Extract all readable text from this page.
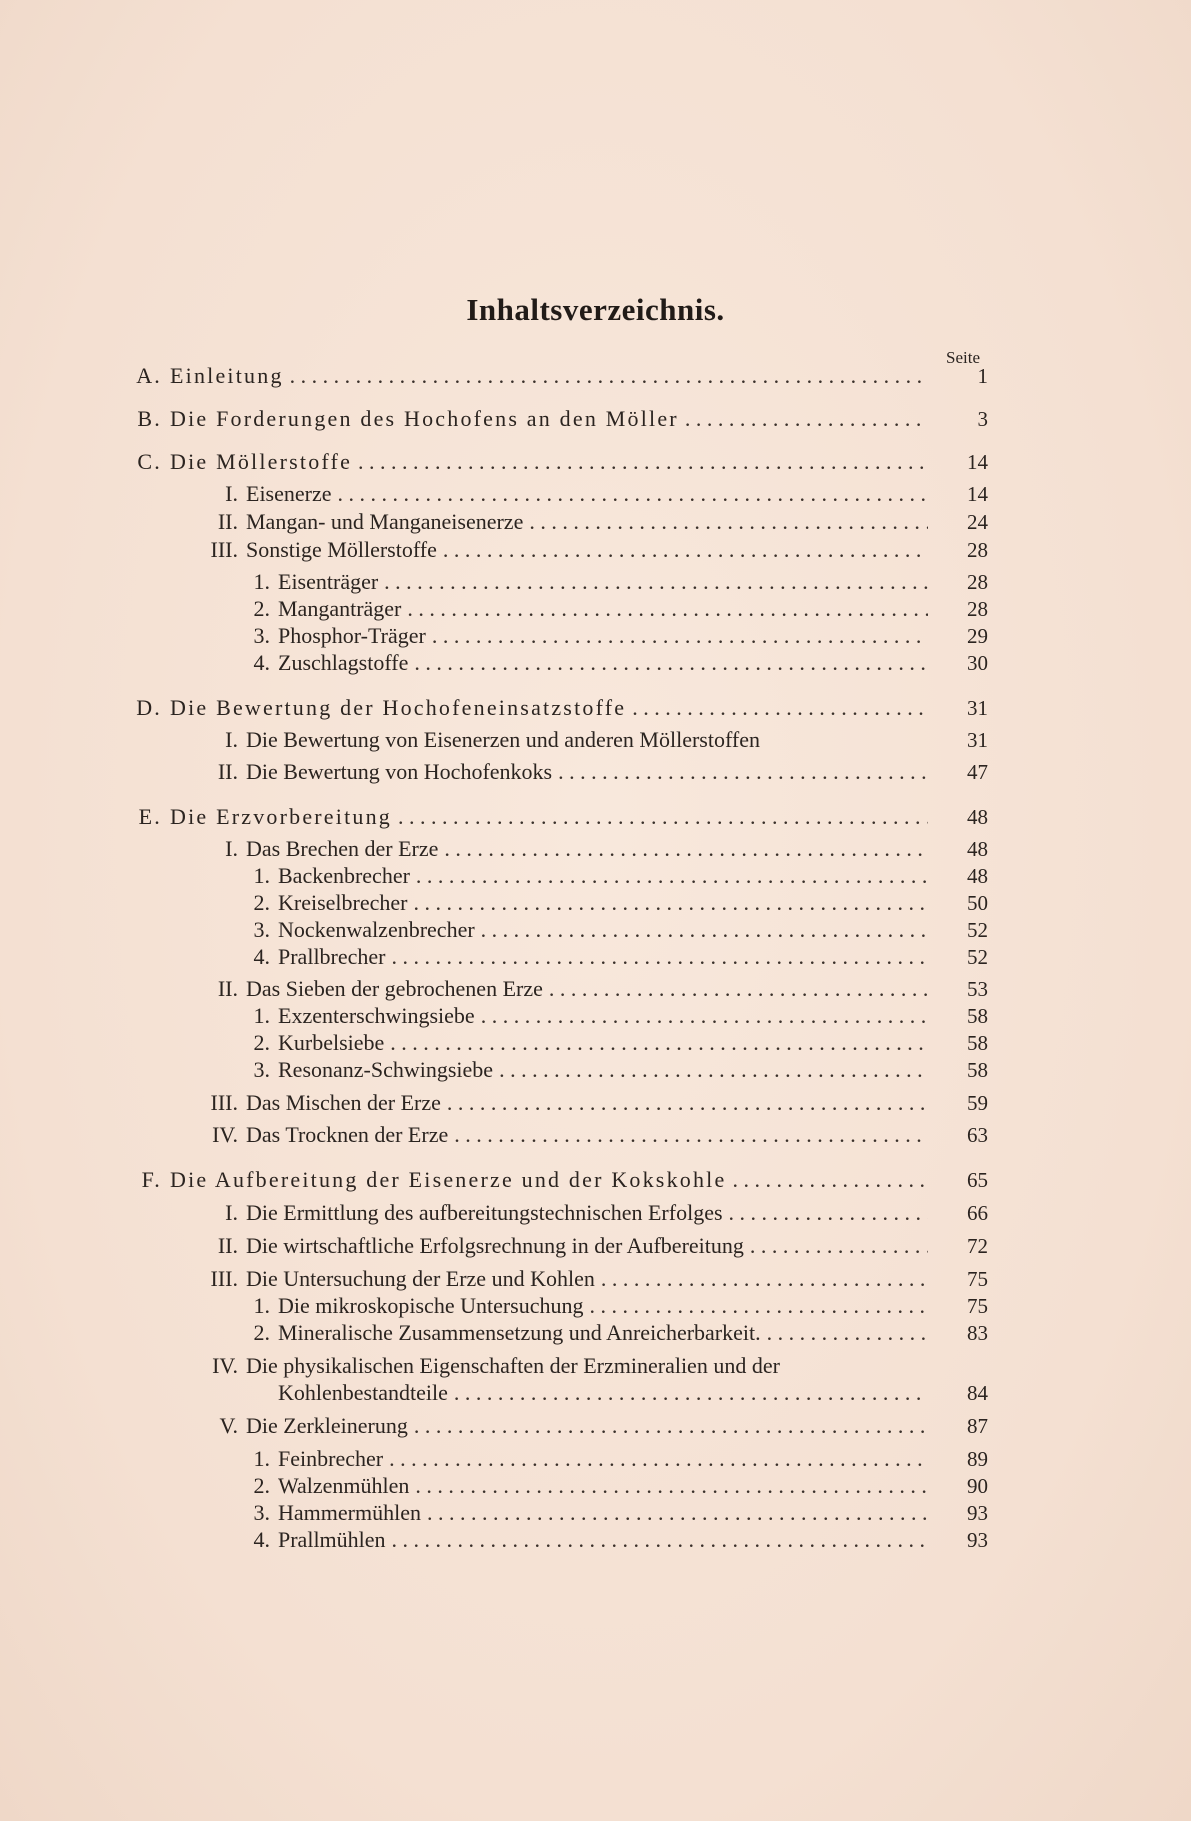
Inhaltsverzeichnis.
Seite
A. Einleitung . . .	1
B. Die Forderungen des Hochofens an den Möller . . .	3
C. Die Möllerstoffe . . .	14
I. Eisenerze . . .	14
II. Mangan- und Manganeisenerze . . .	24
III. Sonstige Möllerstoffe . . .	28
1. Eisenträger . . .	28
2. Manganträger . . .	28
3. Phosphor-Träger . . .	29
4. Zuschlagstoffe . . .	30
D. Die Bewertung der Hochofeneinsatzstoffe . . .	31
I. Die Bewertung von Eisenerzen und anderen Möllerstoffen	31
II. Die Bewertung von Hochofenkoks . . .	47
E. Die Erzvorbereitung . . .	48
I. Das Brechen der Erze . . .	48
1. Backenbrecher . . .	48
2. Kreiselbrecher . . .	50
3. Nockenwalzenbrecher . . .	52
4. Prallbrecher . . .	52
II. Das Sieben der gebrochenen Erze . . .	53
1. Exzenterschwingsiebe . . .	58
2. Kurbelsiebe . . .	58
3. Resonanz-Schwingsiebe . . .	58
III. Das Mischen der Erze . . .	59
IV. Das Trocknen der Erze . . .	63
F. Die Aufbereitung der Eisenerze und der Kokskohle . . .	65
I. Die Ermittlung des aufbereitungstechnischen Erfolges . . .	66
II. Die wirtschaftliche Erfolgsrechnung in der Aufbereitung . . .	72
III. Die Untersuchung der Erze und Kohlen . . .	75
1. Die mikroskopische Untersuchung . . .	75
2. Mineralische Zusammensetzung und Anreicherbarkeit. . . .	83
IV. Die physikalischen Eigenschaften der Erzmineralien und der
Kohlenbestandteile . . .	84
V. Die Zerkleinerung . . .	87
1. Feinbrecher . . .	89
2. Walzenmühlen . . .	90
3. Hammermühlen . . .	93
4. Prallmühlen . . .	93
